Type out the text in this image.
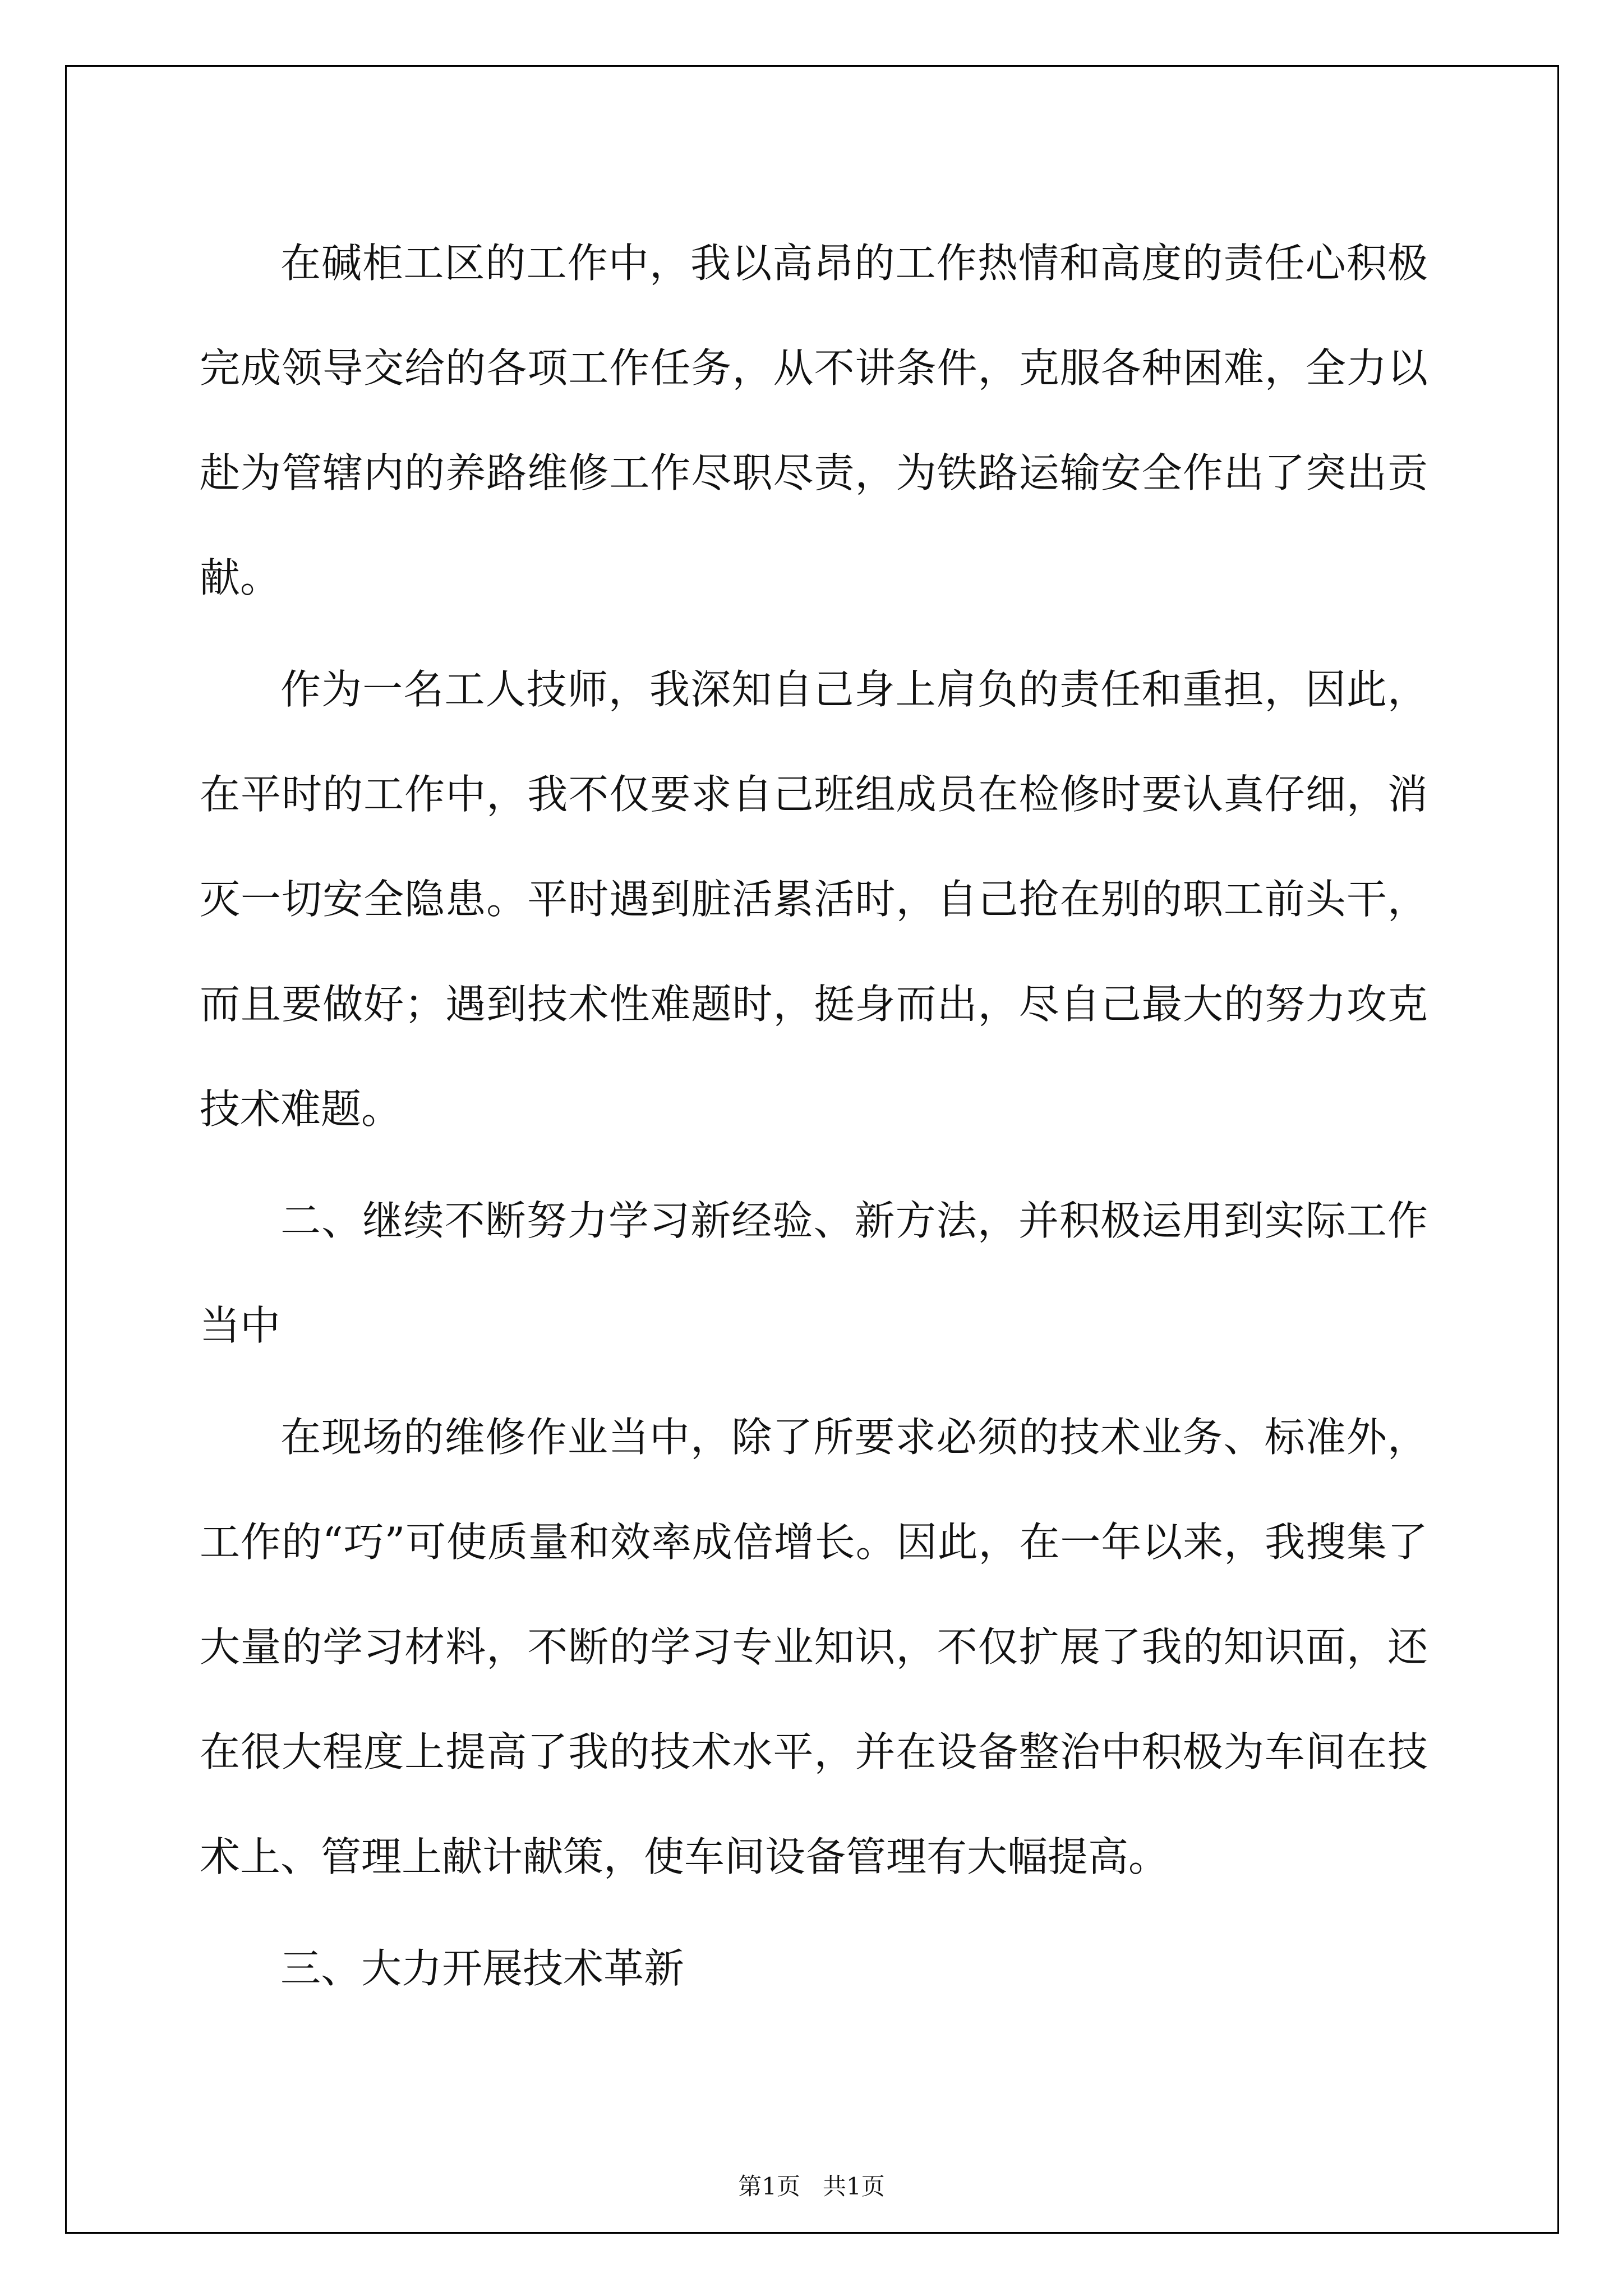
在碱柜工区的工作中，我以高昂的工作热情和高度的责任心积极完成领导交给的各项工作任务，从不讲条件，克服各种困难，全力以赴为管辖内的养路维修工作尽职尽责，为铁路运输安全作出了突出贡献。

作为一名工人技师，我深知自己身上肩负的责任和重担，因此，在平时的工作中，我不仅要求自己班组成员在检修时要认真仔细，消灭一切安全隐患。平时遇到脏活累活时，自己抢在别的职工前头干，而且要做好；遇到技术性难题时，挺身而出，尽自己最大的努力攻克技术难题。

二、继续不断努力学习新经验、新方法，并积极运用到实际工作当中

在现场的维修作业当中，除了所要求必须的技术业务、标准外，工作的“巧”可使质量和效率成倍增长。因此，在一年以来，我搜集了大量的学习材料，不断的学习专业知识，不仅扩展了我的知识面，还在很大程度上提高了我的技术水平，并在设备整治中积极为车间在技术上、管理上献计献策，使车间设备管理有大幅提高。

三、大力开展技术革新

第1页   共1页
